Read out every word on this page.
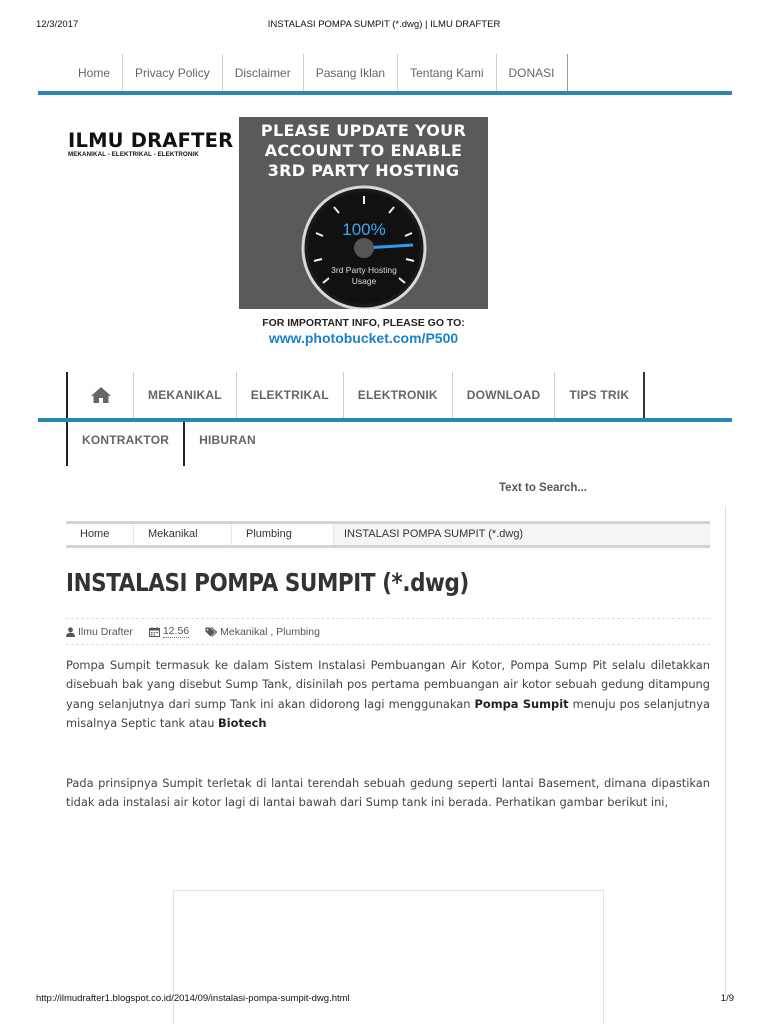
12/3/2017	INSTALASI POMPA SUMPIT (*.dwg) | ILMU DRAFTER
Home	Privacy Policy	Disclaimer	Pasang Iklan	Tentang Kami	DONASI
ILMU DRAFTER
MEKANIKAL - ELEKTRIKAL - ELEKTRONIK
PLEASE UPDATE YOUR
ACCOUNT TO ENABLE
3RD PARTY HOSTING
100%
3rd Party Hosting
Usage
FOR IMPORTANT INFO, PLEASE GO TO:
www.photobucket.com/P500
MEKANIKAL	ELEKTRIKAL	ELEKTRONIK	DOWNLOAD	TIPS TRIK
KONTRAKTOR	HIBURAN
Text to Search...
Home	Mekanikal	Plumbing	INSTALASI POMPA SUMPIT (*.dwg)
INSTALASI POMPA SUMPIT (*.dwg)
Ilmu Drafter	12.56	Mekanikal , Plumbing
Pompa Sumpit termasuk ke dalam Sistem Instalasi Pembuangan Air Kotor, Pompa Sump Pit selalu diletakkan disebuah bak yang disebut Sump Tank, disinilah pos pertama pembuangan air kotor sebuah gedung ditampung yang selanjutnya dari sump Tank ini akan didorong lagi menggunakan Pompa Sumpit menuju pos selanjutnya misalnya Septic tank atau Biotech
Pada prinsipnya Sumpit terletak di lantai terendah sebuah gedung seperti lantai Basement, dimana dipastikan tidak ada instalasi air kotor lagi di lantai bawah dari Sump tank ini berada. Perhatikan gambar berikut ini,
http://ilmudrafter1.blogspot.co.id/2014/09/instalasi-pompa-sumpit-dwg.html	1/9
